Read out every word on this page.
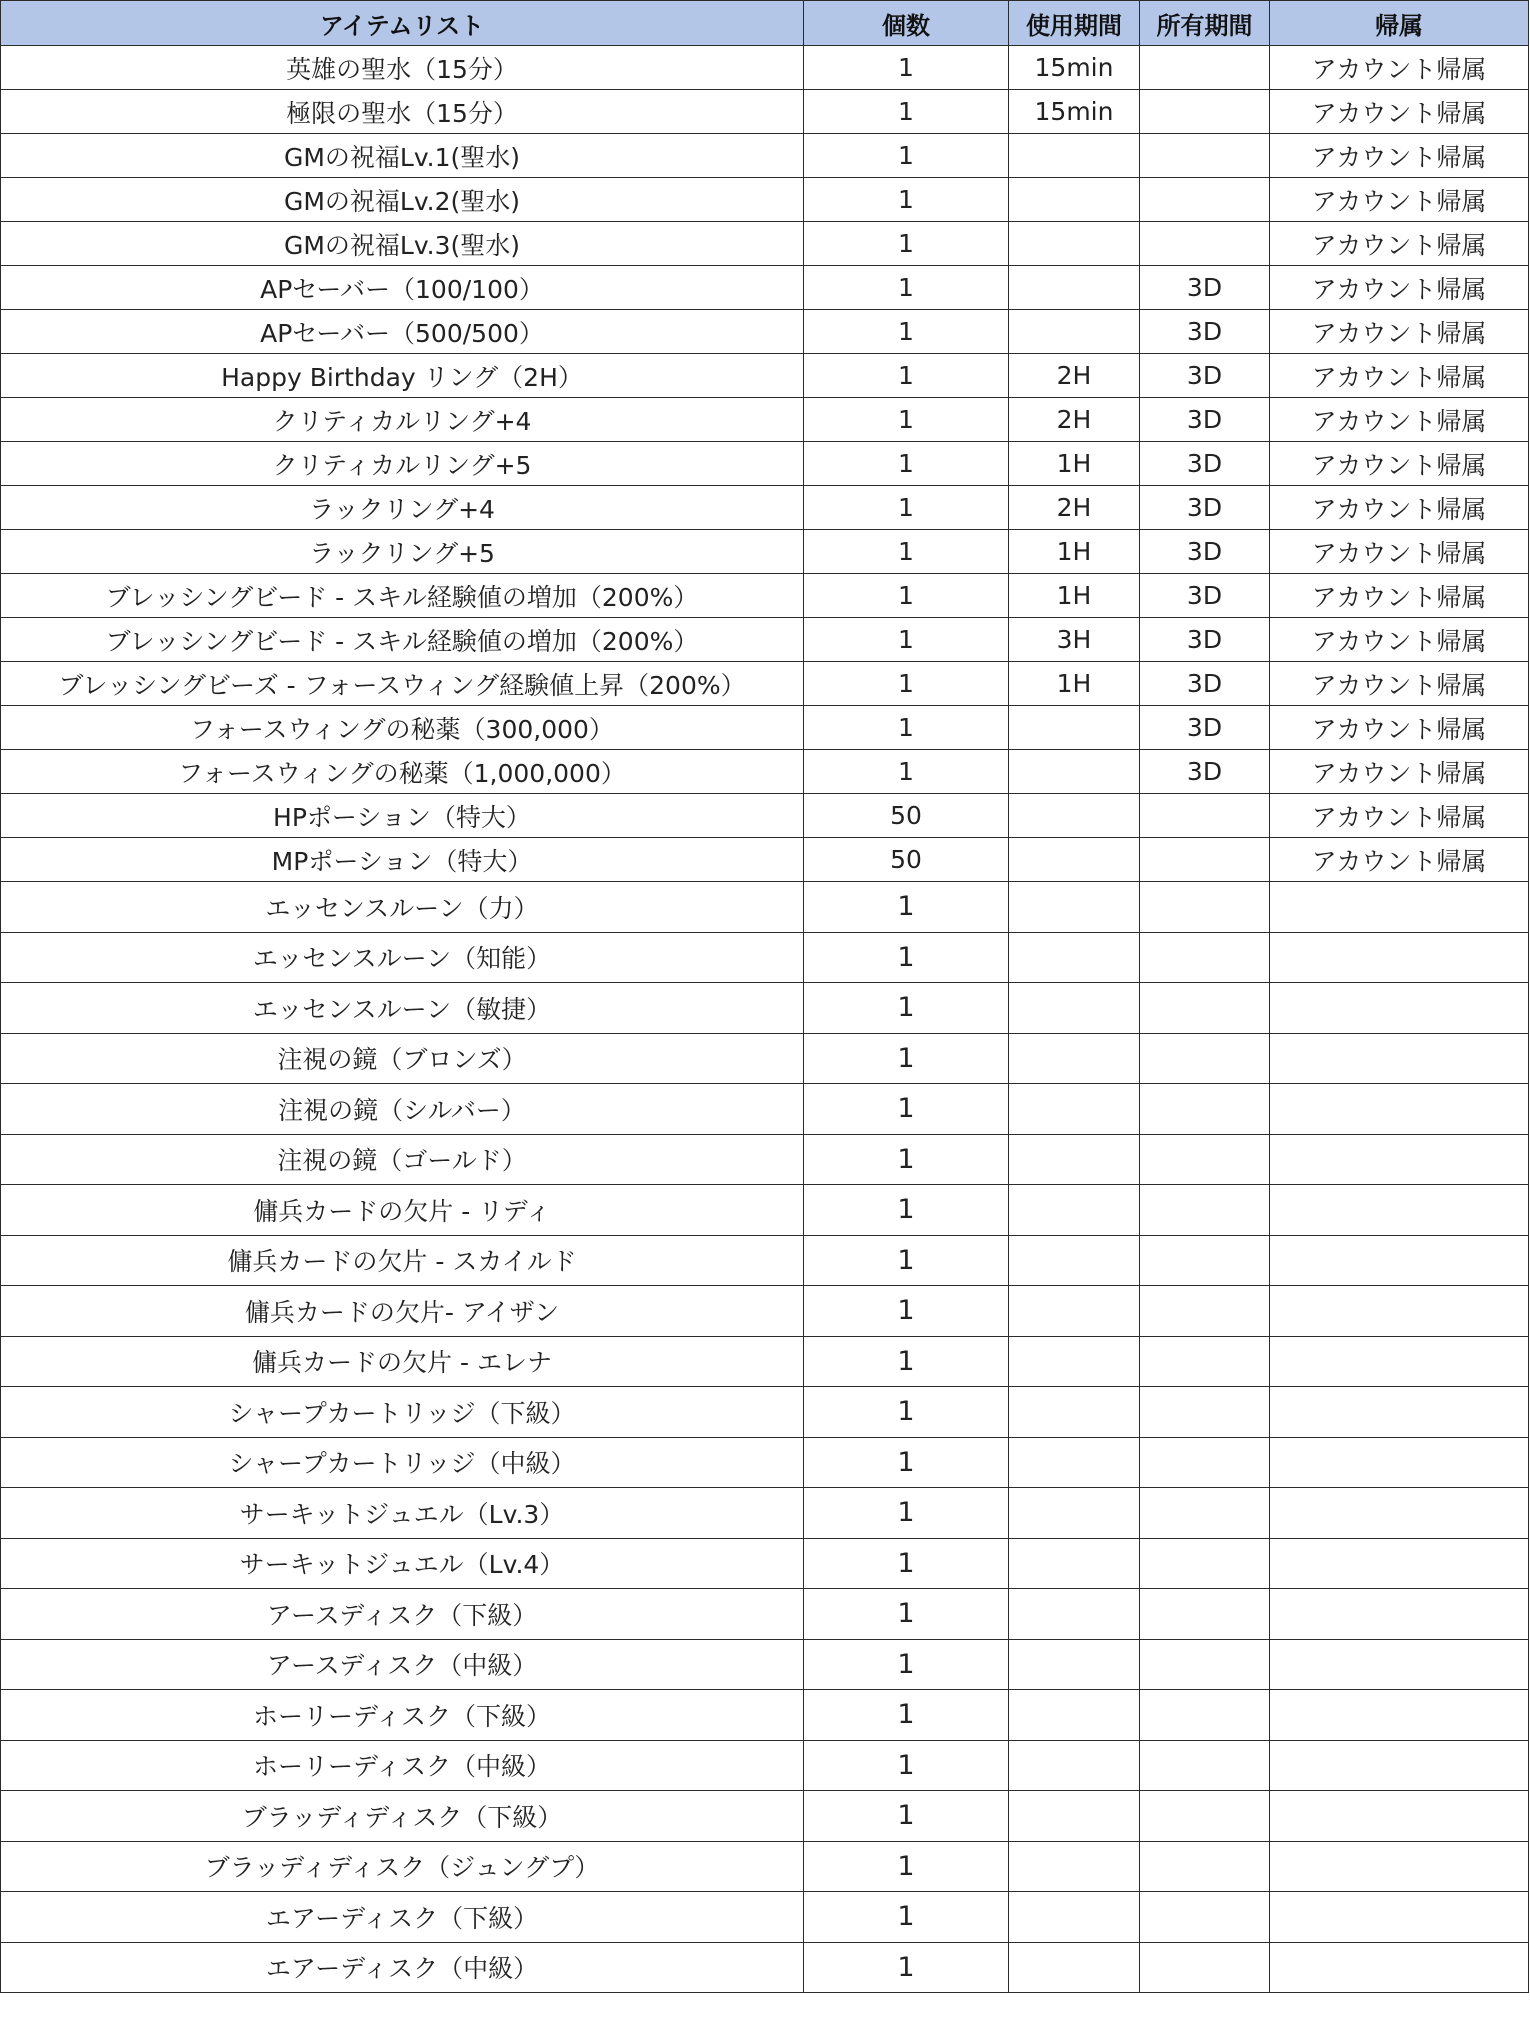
アイテムリスト	個数	使用期間	所有期間	帰属
英雄の聖水（15分）	1	15min		アカウント帰属
極限の聖水（15分）	1	15min		アカウント帰属
GMの祝福Lv.1(聖水)	1			アカウント帰属
GMの祝福Lv.2(聖水)	1			アカウント帰属
GMの祝福Lv.3(聖水)	1			アカウント帰属
APセーバー（100/100）	1		3D	アカウント帰属
APセーバー（500/500）	1		3D	アカウント帰属
Happy Birthday リング（2H）	1	2H	3D	アカウント帰属
クリティカルリング+4	1	2H	3D	アカウント帰属
クリティカルリング+5	1	1H	3D	アカウント帰属
ラックリング+4	1	2H	3D	アカウント帰属
ラックリング+5	1	1H	3D	アカウント帰属
ブレッシングビード - スキル経験値の増加（200%）	1	1H	3D	アカウント帰属
ブレッシングビード - スキル経験値の増加（200%）	1	3H	3D	アカウント帰属
ブレッシングビーズ - フォースウィング経験値上昇（200%）	1	1H	3D	アカウント帰属
フォースウィングの秘薬（300,000）	1		3D	アカウント帰属
フォースウィングの秘薬（1,000,000）	1		3D	アカウント帰属
HPポーション（特大）	50			アカウント帰属
MPポーション（特大）	50			アカウント帰属
エッセンスルーン（力）	1			
エッセンスルーン（知能）	1			
エッセンスルーン（敏捷）	1			
注視の鏡（ブロンズ）	1			
注視の鏡（シルバー）	1			
注視の鏡（ゴールド）	1			
傭兵カードの欠片 - リディ	1			
傭兵カードの欠片 - スカイルド	1			
傭兵カードの欠片- アイザン	1			
傭兵カードの欠片 - エレナ	1			
シャープカートリッジ（下級）	1			
シャープカートリッジ（中級）	1			
サーキットジュエル（Lv.3）	1			
サーキットジュエル（Lv.4）	1			
アースディスク（下級）	1			
アースディスク（中級）	1			
ホーリーディスク（下級）	1			
ホーリーディスク（中級）	1			
ブラッディディスク（下級）	1			
ブラッディディスク（ジュングプ）	1			
エアーディスク（下級）	1			
エアーディスク（中級）	1			
